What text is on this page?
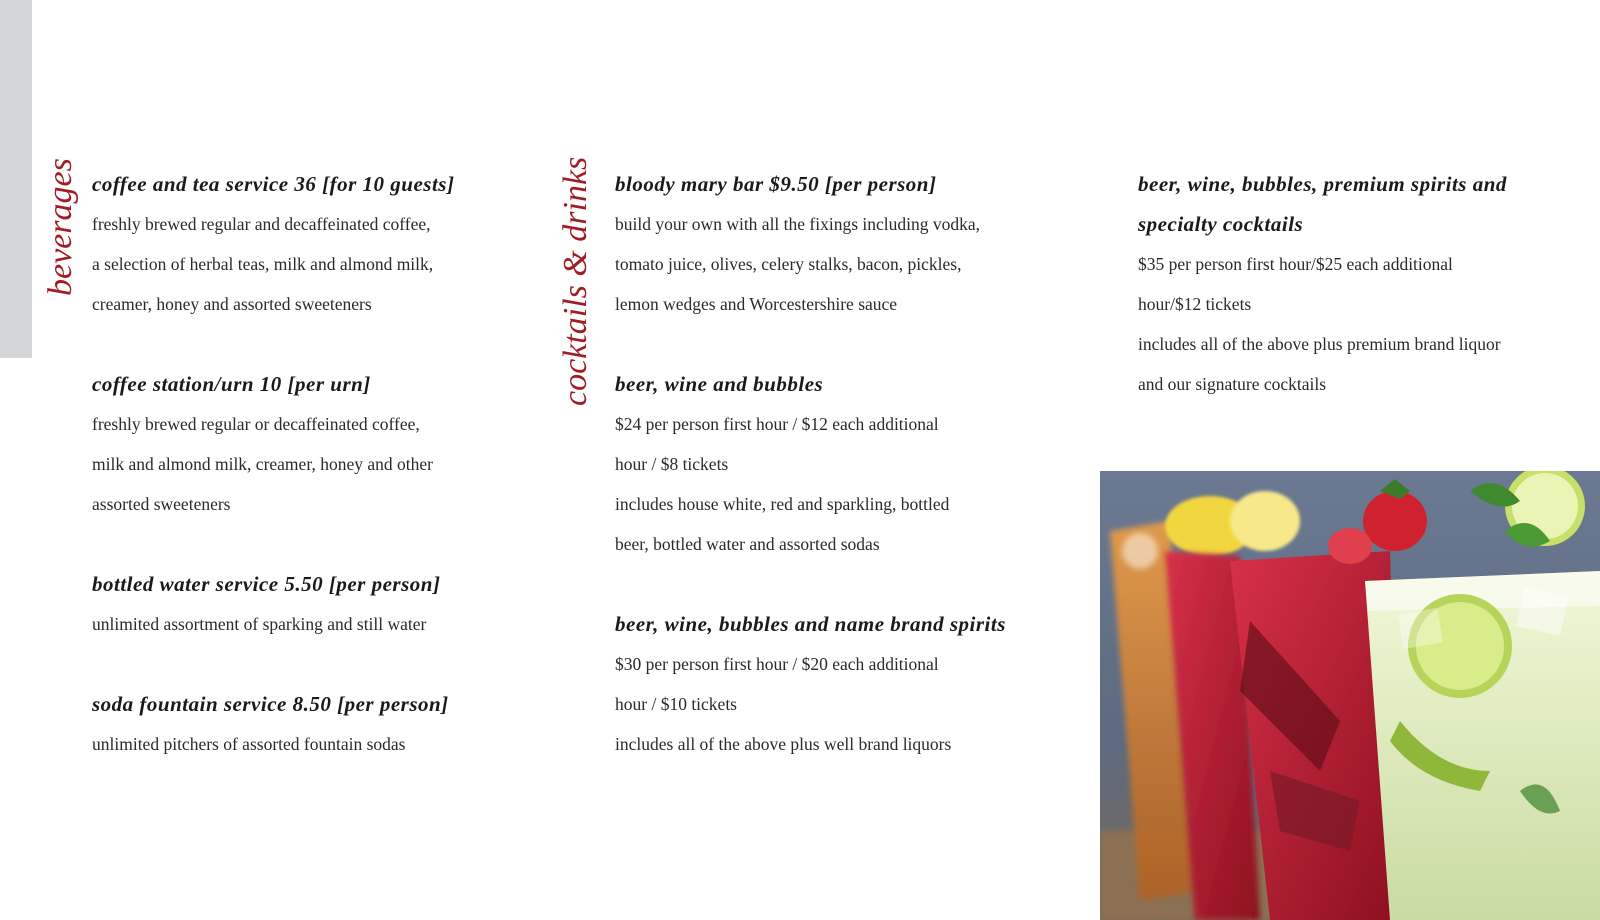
beverages	cocktails & drinks
coffee and tea service 36 [for 10 guests]
freshly brewed regular and decaffeinated coffee,
a selection of herbal teas, milk and almond milk,
creamer, honey and assorted sweeteners
coffee station/urn 10 [per urn]
freshly brewed regular or decaffeinated coffee,
milk and almond milk, creamer, honey and other
assorted sweeteners
bottled water service 5.50 [per person]
unlimited assortment of sparking and still water
soda fountain service 8.50 [per person]
unlimited pitchers of assorted fountain sodas
bloody mary bar $9.50 [per person]
build your own with all the fixings including vodka,
tomato juice, olives, celery stalks, bacon, pickles,
lemon wedges and Worcestershire sauce
beer, wine and bubbles
$24 per person first hour / $12 each additional
hour / $8 tickets
includes house white, red and sparkling, bottled
beer, bottled water and assorted sodas
beer, wine, bubbles and name brand spirits
$30 per person first hour / $20 each additional
hour / $10 tickets
includes all of the above plus well brand liquors
beer, wine, bubbles, premium spirits and
specialty cocktails
$35 per person first hour/$25 each additional
hour/$12 tickets
includes all of the above plus premium brand liquor
and our signature cocktails
